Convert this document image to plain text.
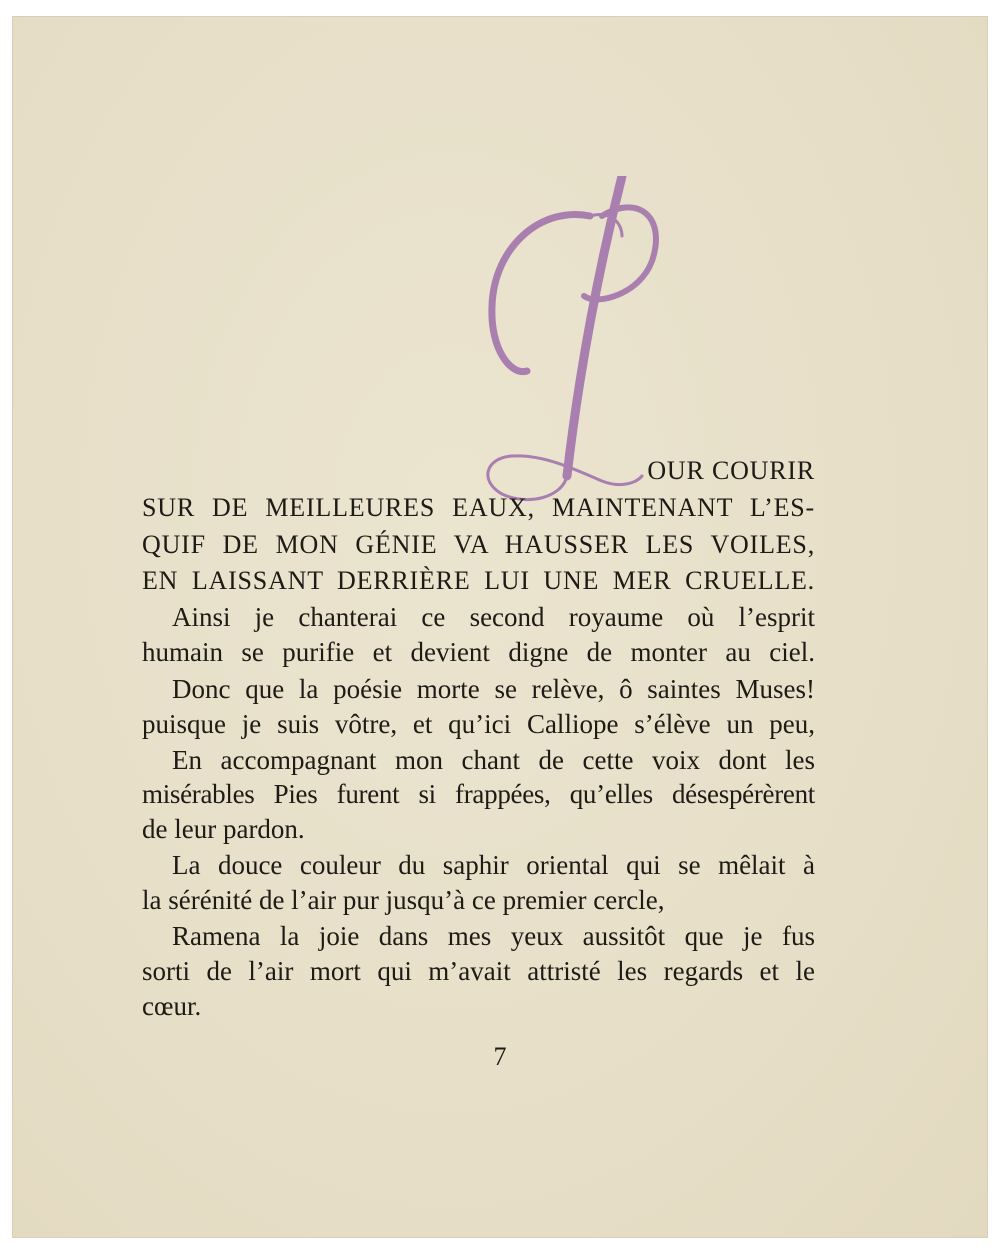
OUR COURIR
SUR DE MEILLEURES EAUX, MAINTENANT L’ES-
QUIF DE MON GÉNIE VA HAUSSER LES VOILES,
EN LAISSANT DERRIÈRE LUI UNE MER CRUELLE.
Ainsi je chanterai ce second royaume où l’esprit
humain se purifie et devient digne de monter au ciel.
Donc que la poésie morte se relève, ô saintes Muses!
puisque je suis vôtre, et qu’ici Calliope s’élève un peu,
En accompagnant mon chant de cette voix dont les
misérables Pies furent si frappées, qu’elles désespérèrent
de leur pardon.
La douce couleur du saphir oriental qui se mêlait à
la sérénité de l’air pur jusqu’à ce premier cercle,
Ramena la joie dans mes yeux aussitôt que je fus
sorti de l’air mort qui m’avait attristé les regards et le
cœur.
7
